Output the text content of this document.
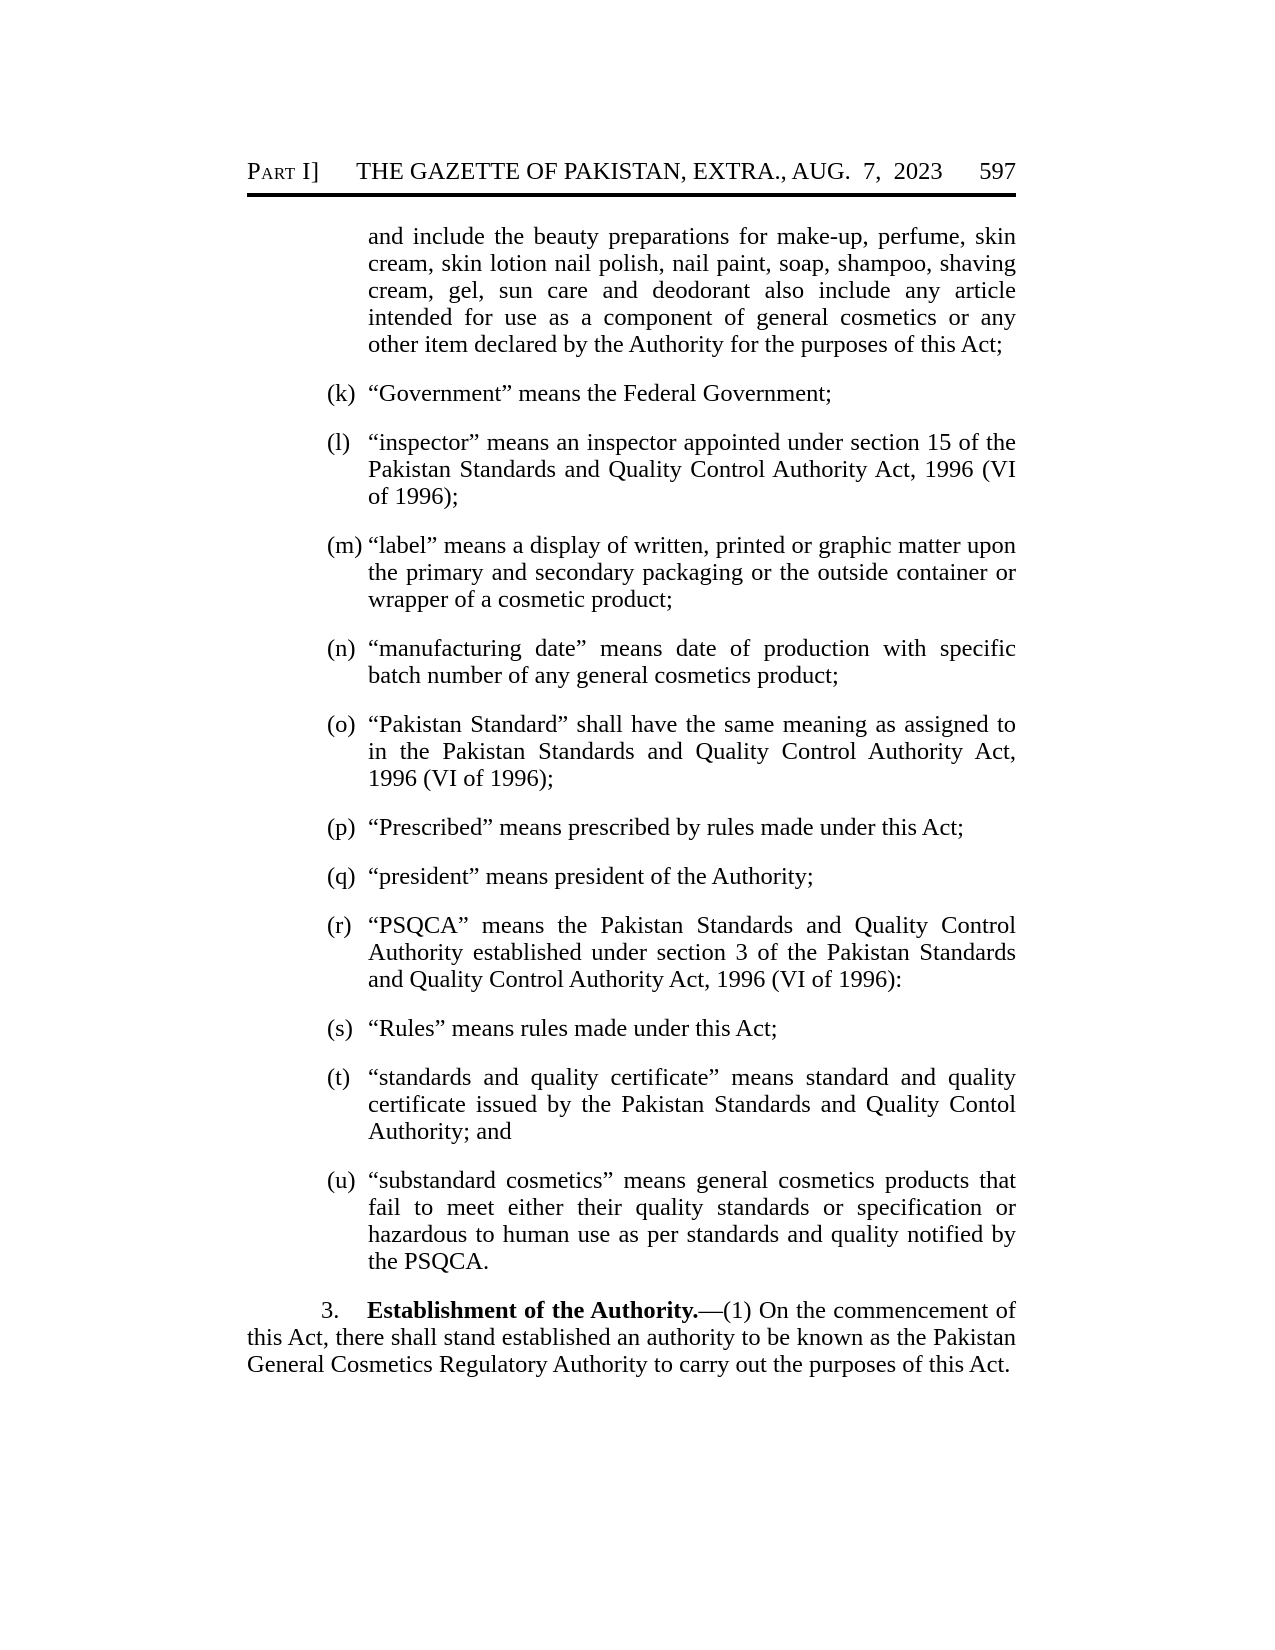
Part I]	THE GAZETTE OF PAKISTAN, EXTRA., AUG.  7,  2023	597

and include the beauty preparations for make-up, perfume, skin cream, skin lotion nail polish, nail paint, soap, shampoo, shaving cream, gel, sun care and deodorant also include any article intended for use as a component of general cosmetics or any other item declared by the Authority for the purposes of this Act;

(k) “Government” means the Federal Government;
(l) “inspector” means an inspector appointed under section 15 of the Pakistan Standards and Quality Control Authority Act, 1996 (VI of 1996);
(m) “label” means a display of written, printed or graphic matter upon the primary and secondary packaging or the outside container or wrapper of a cosmetic product;
(n) “manufacturing date” means date of production with specific batch number of any general cosmetics product;
(o) “Pakistan Standard” shall have the same meaning as assigned to in the Pakistan Standards and Quality Control Authority Act, 1996 (VI of 1996);
(p) “Prescribed” means prescribed by rules made under this Act;
(q) “president” means president of the Authority;
(r) “PSQCA” means the Pakistan Standards and Quality Control Authority established under section 3 of the Pakistan Standards and Quality Control Authority Act, 1996 (VI of 1996):
(s) “Rules” means rules made under this Act;
(t) “standards and quality certificate” means standard and quality certificate issued by the Pakistan Standards and Quality Contol Authority; and
(u) “substandard cosmetics” means general cosmetics products that fail to meet either their quality standards or specification or hazardous to human use as per standards and quality notified by the PSQCA.

3. Establishment of the Authority.—(1) On the commencement of this Act, there shall stand established an authority to be known as the Pakistan General Cosmetics Regulatory Authority to carry out the purposes of this Act.
